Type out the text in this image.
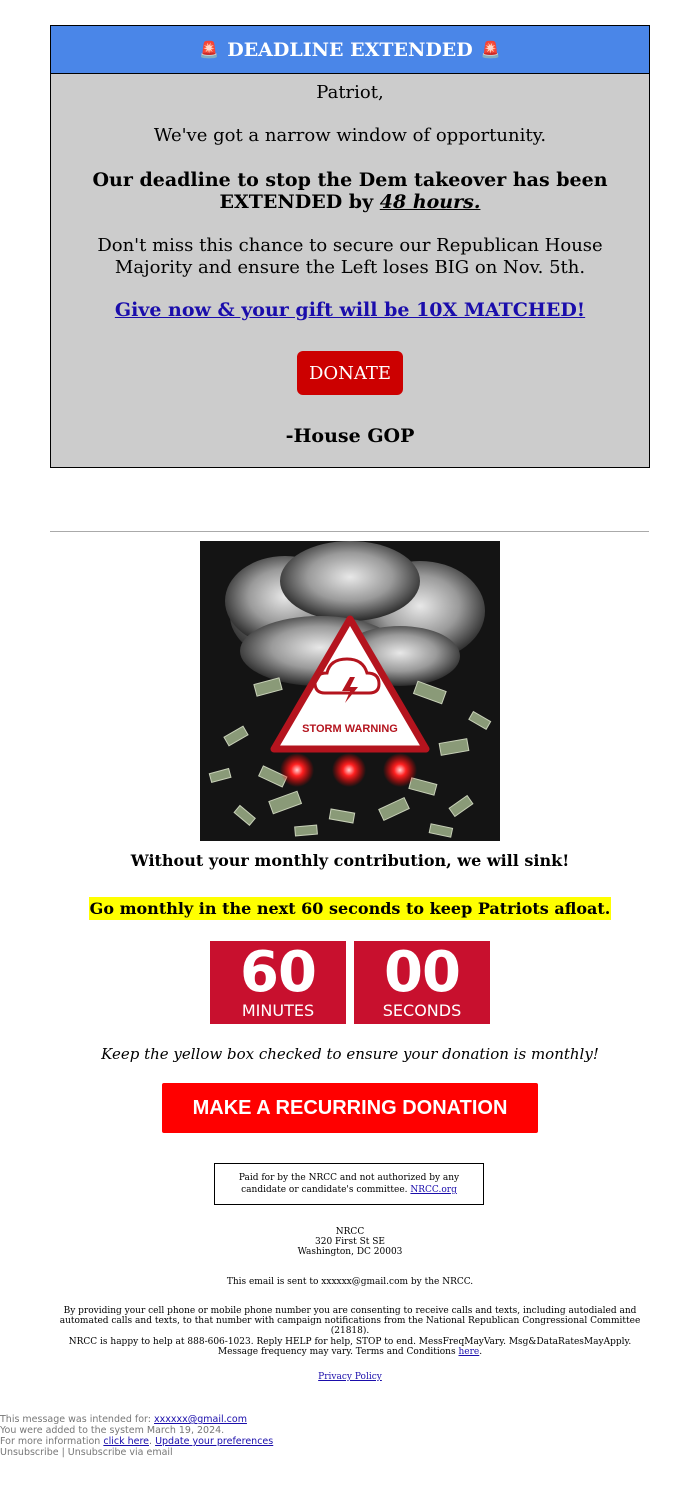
🚨 DEADLINE EXTENDED 🚨
Patriot,
We've got a narrow window of opportunity.
Our deadline to stop the Dem takeover has been EXTENDED by 48 hours.
Don't miss this chance to secure our Republican House Majority and ensure the Left loses BIG on Nov. 5th.
Give now & your gift will be 10X MATCHED!
DONATE
-House GOP
STORM WARNING
Without your monthly contribution, we will sink!
Go monthly in the next 60 seconds to keep Patriots afloat.
60
MINUTES
00
SECONDS
Keep the yellow box checked to ensure your donation is monthly!
MAKE A RECURRING DONATION
Paid for by the NRCC and not authorized by any candidate or candidate's committee. NRCC.org
NRCC
320 First St SE
Washington, DC 20003
This email is sent to xxxxxx@gmail.com by the NRCC.
By providing your cell phone or mobile phone number you are consenting to receive calls and texts, including autodialed and automated calls and texts, to that number with campaign notifications from the National Republican Congressional Committee (21818).
NRCC is happy to help at 888-606-1023. Reply HELP for help, STOP to end. MessFreqMayVary. Msg&DataRatesMayApply. Message frequency may vary. Terms and Conditions here.
Privacy Policy
This message was intended for: xxxxxx@gmail.com
You were added to the system March 19, 2024.
For more information click here. Update your preferences
Unsubscribe | Unsubscribe via email
